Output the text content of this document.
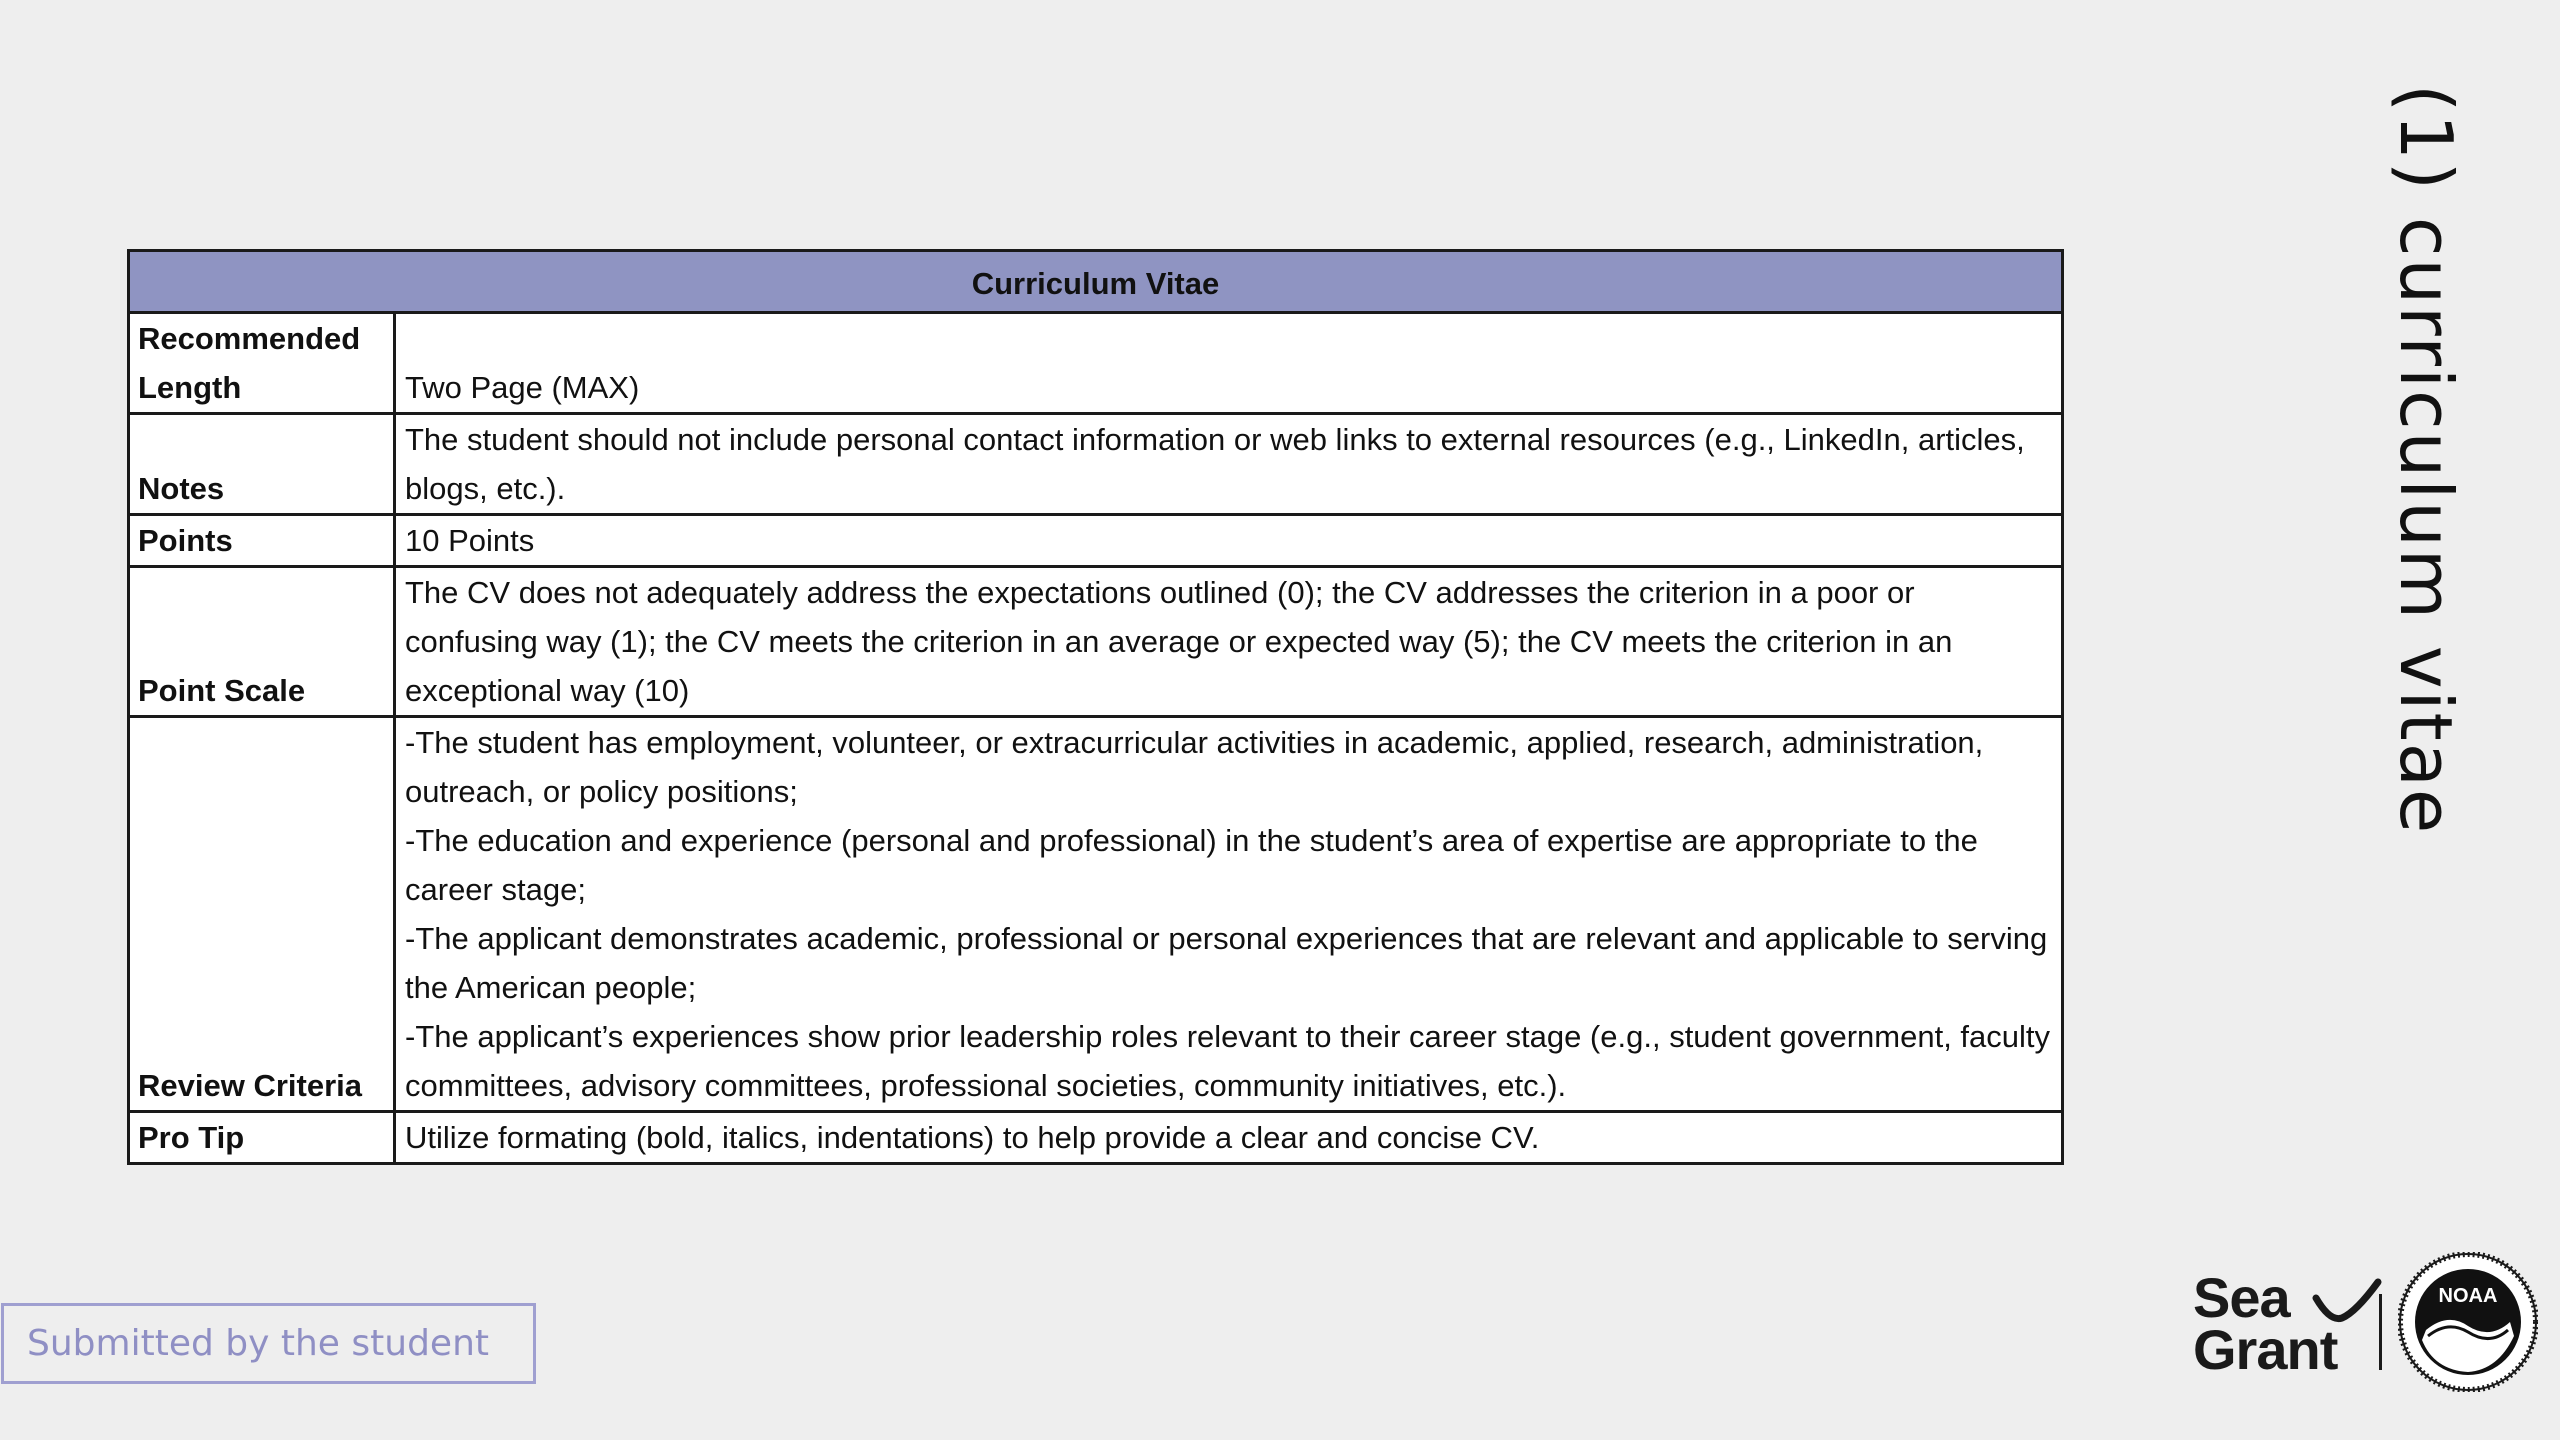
Curriculum Vitae	
Recommended Length	Two Page (MAX)
Notes	The student should not include personal contact information or web links to external resources (e.g., LinkedIn, articles, blogs, etc.).
Points	10 Points
Point Scale	The CV does not adequately address the expectations outlined (0); the CV addresses the criterion in a poor or confusing way (1); the CV meets the criterion in an average or expected way (5); the CV meets the criterion in an exceptional way (10)
Review Criteria	-The student has employment, volunteer, or extracurricular activities in academic, applied, research, administration, outreach, or policy positions;
-The education and experience (personal and professional) in the student’s area of expertise are appropriate to the career stage;
-The applicant demonstrates academic, professional or personal experiences that are relevant and applicable to serving the American people;
-The applicant’s experiences show prior leadership roles relevant to their career stage (e.g., student government, faculty committees, advisory committees, professional societies, community initiatives, etc.).

Pro Tip	Utilize formating (bold, italics, indentations) to help provide a clear and concise CV.
(1) curriculum vitae
Submitted by the student
Sea
Grant
NOAA
